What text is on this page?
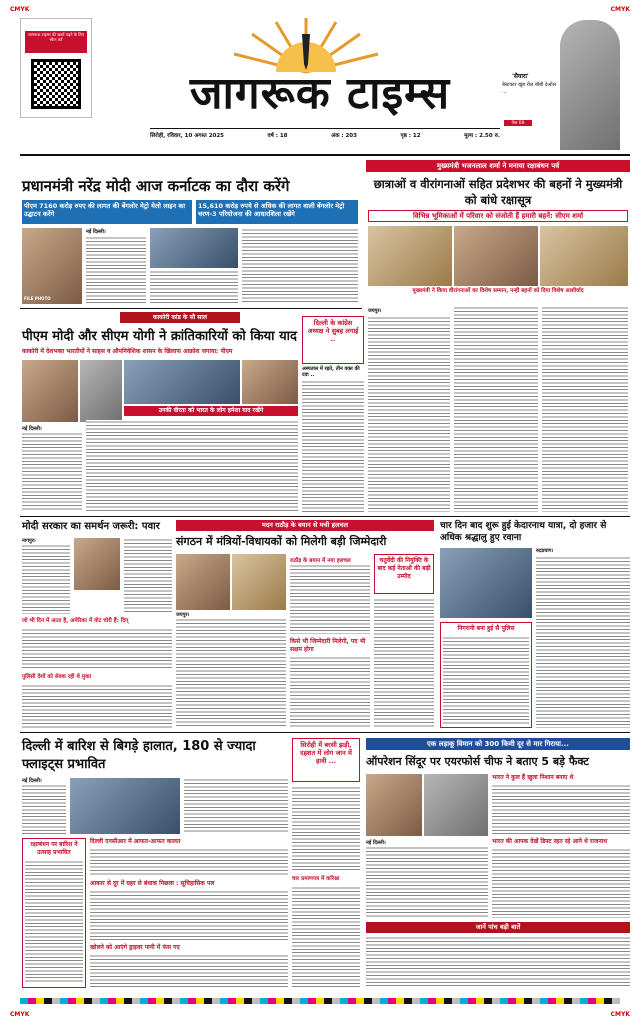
CMYK	CMYK
जागरूक टाइम्स की खबरें पढ़ने के लिए स्कैन करें
जागरूक टाइम्स	'सैयारा'
बेस्टकार खूब रोल बॉबी देओल ...
पेज 09
सिरोही, रविवार, 10 अगस्त 2025	वर्ष : 18	अंक : 203	पृष्ठ : 12	मूल्य : 2.50 रु.
प्रधानमंत्री नरेंद्र मोदी आज कर्नाटक का दौरा करेंगे
पीएम 7160 करोड़ रुपए की लागत की बेंगलोर मेट्रो येलो लाइन का उद्घाटन करेंगे
15,610 करोड़ रुपये से अधिक की लागत वाली बेंगलोर मेट्रो चरण-3 परियोजना की आधारशिला रखेंगे
FILE PHOTO
नई दिल्ली।
मुख्यमंत्री भजनलाल शर्मा ने मनाया रक्षाबंधन पर्व
छात्राओं व वीरांगनाओं सहित प्रदेशभर की बहनों ने मुख्यमंत्री को बांधे रक्षासूत्र
विभिन्न भूमिकाओं में परिवार को संजोती हैं हमारी बहनें: सीएम शर्मा
मुख्यमंत्री ने किया वीरांगनाओं का विशेष सम्मान, नन्ही बहनों को दिया विशेष आशीर्वाद
जयपुर।
काकोरी कांड के सौ साल
पीएम मोदी और सीएम योगी ने क्रांतिकारियों को किया याद
काकोरी में देशभक्त भारतीयों ने साहस व औपनिवेशिक शासन के खिलाफ आक्रोश जगाया: पीएम
उनकी वीरता को भारत के लोग हमेशा याद रखेंगे
नई दिल्ली।
दिल्ली के कांग्रेस अध्यक्ष ने सुबह लगाई ..
अस्पताल में रहते, तीन वक्त की दवा ..
मोदी सरकार का समर्थन जरूरी: पवार
नागपुर।
जो भी दिन में आता है, अमेरिका में वोट चोरी हैं: दिग्
पुलिसी देशों को सेवक रही थे मुक्त
मदन राठौड़ के बयान से मची हलचल
संगठन में मंत्रियों-विधायकों को मिलेगी बड़ी जिम्मेदारी
जयपुर।
राठौड़ के बयान में नया हलचल
किसे भी जिम्मेदारी मिलेगी, पद भी सक्षम होगा
चतुर्वेदी की नियुक्ति के बाद कई नेताओं की बढ़ी उम्मीद
चार दिन बाद शुरू हुई केदारनाथ यात्रा, दो हजार से अधिक श्रद्धालु हुए रवाना
रुद्रप्रयाग।
निगरानी बना हुई सै पुलिस
दिल्ली में बारिश से बिगड़े हालात, 180 से ज्यादा फ्लाइट्स प्रभावित
नई दिल्ली।
रक्षाबंधन पर बारिश ने उत्साह प्रभावित
दिल्ली एनसीआर में आफत-आफत कालत
आकार से दूर में घहर से बंधाक पिछला : सूचिहासिक पल
खोलने को आएंगे ड्राइवर पानी में फंस गए
सिरोही में बरसी झड़ी, दहशत में लोग जान में हावी ...
चार प्रमाणपत्र में करिश्ना
एक लड़ाकू विमान को 300 किमी दूर से मार गिराया...
ऑपरेशन सिंदूर पर एयरफोर्स चीफ ने बताए 5 बड़े फैक्ट
नई दिल्ली।
भारत ने कुल हैं खुला निशान बनाए थे
भारत की आपक देखें डिफ्ट रहत रहे आने थे राजनाथ
जानें पांच बड़ी बातें
CMYK	CMYK
